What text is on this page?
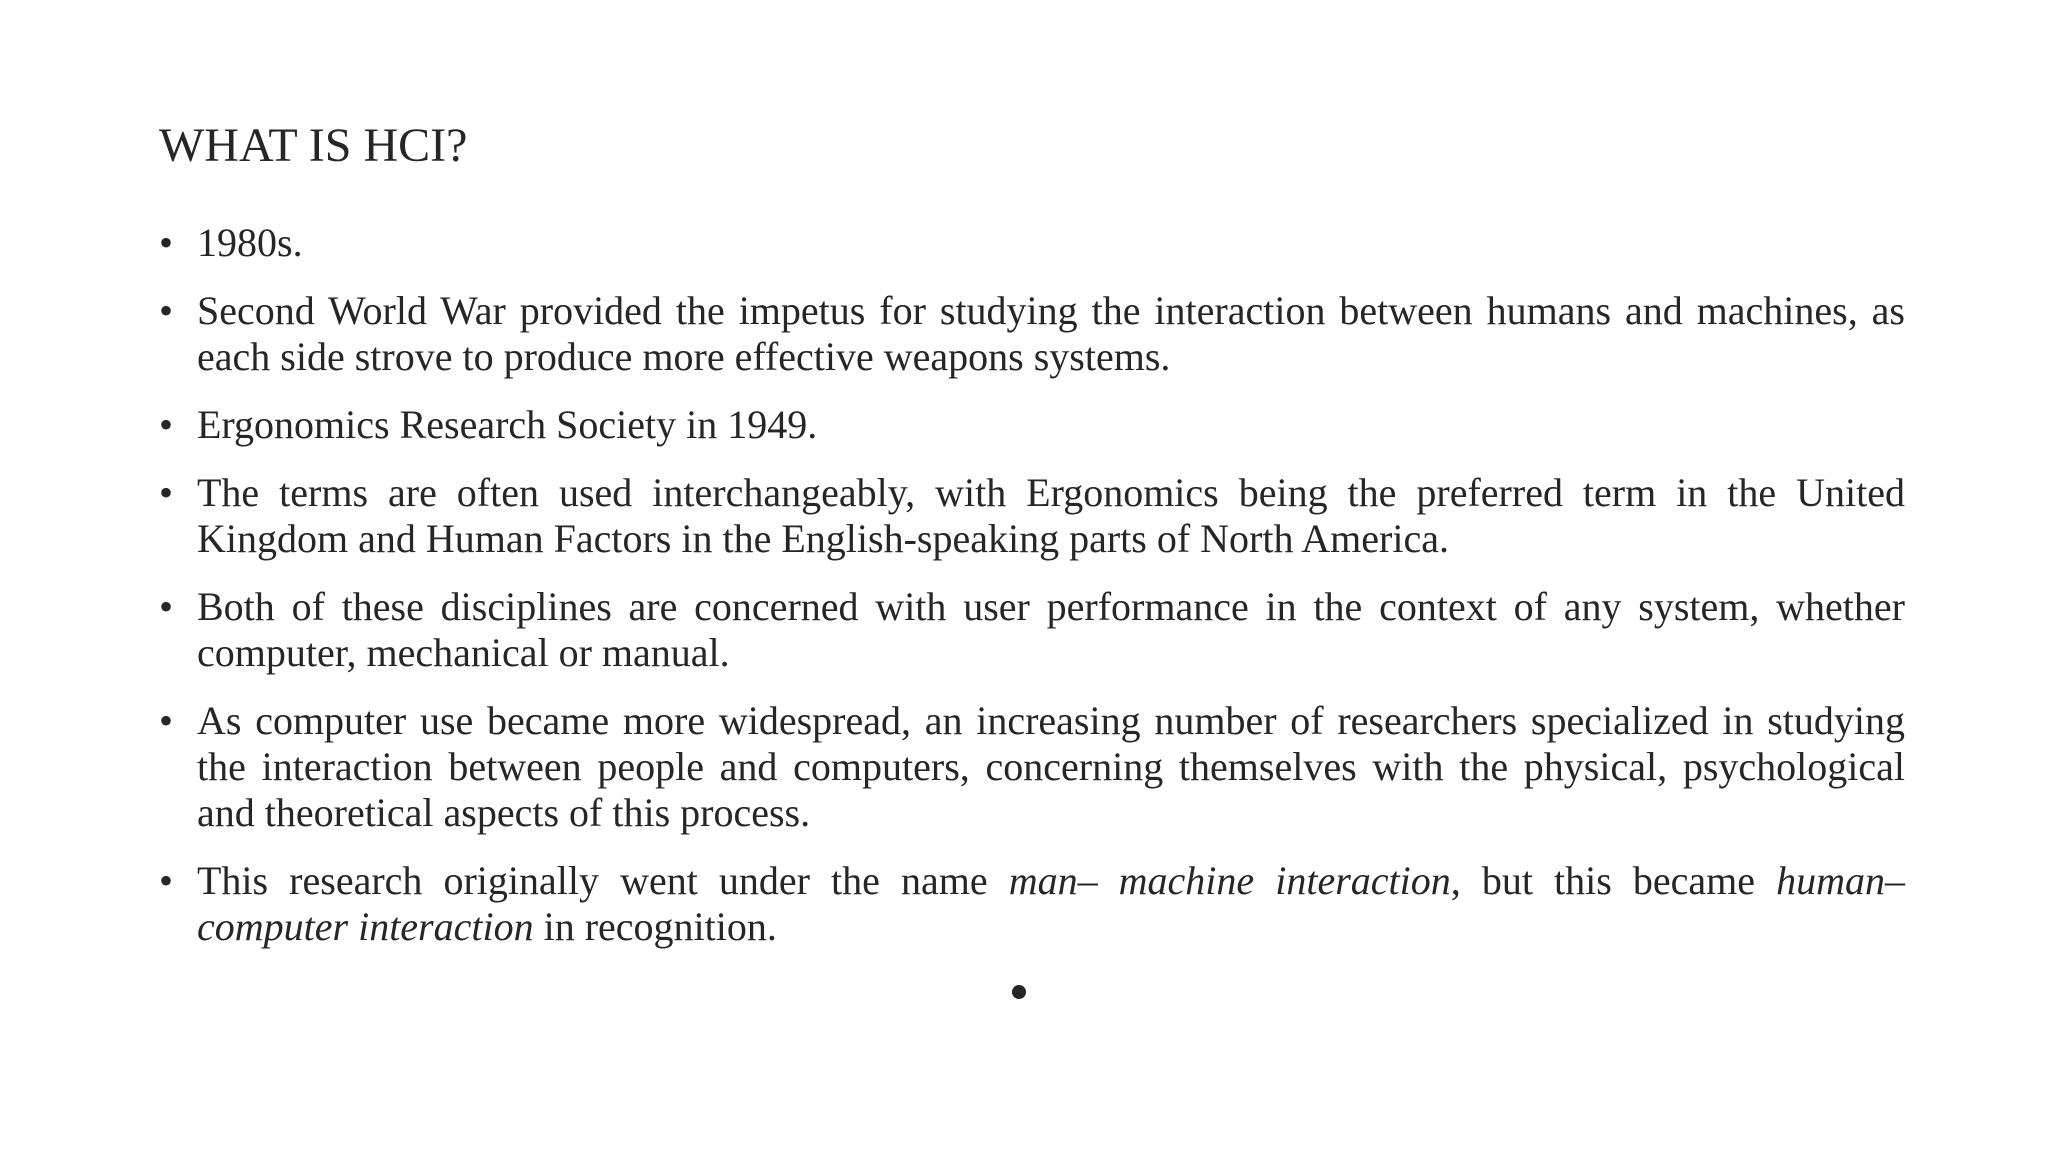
WHAT IS HCI?
• 1980s.
• Second World War provided the impetus for studying the interaction between humans and machines, as each side strove to produce more effective weapons systems.
• Ergonomics Research Society in 1949.
• The terms are often used interchangeably, with Ergonomics being the preferred term in the United Kingdom and Human Factors in the English-speaking parts of North America.
• Both of these disciplines are concerned with user performance in the context of any system, whether computer, mechanical or manual.
• As computer use became more widespread, an increasing number of researchers specialized in studying the interaction between people and computers, concerning themselves with the physical, psychological and theoretical aspects of this process.
• This research originally went under the name man– machine interaction, but this became human–computer interaction in recognition.
